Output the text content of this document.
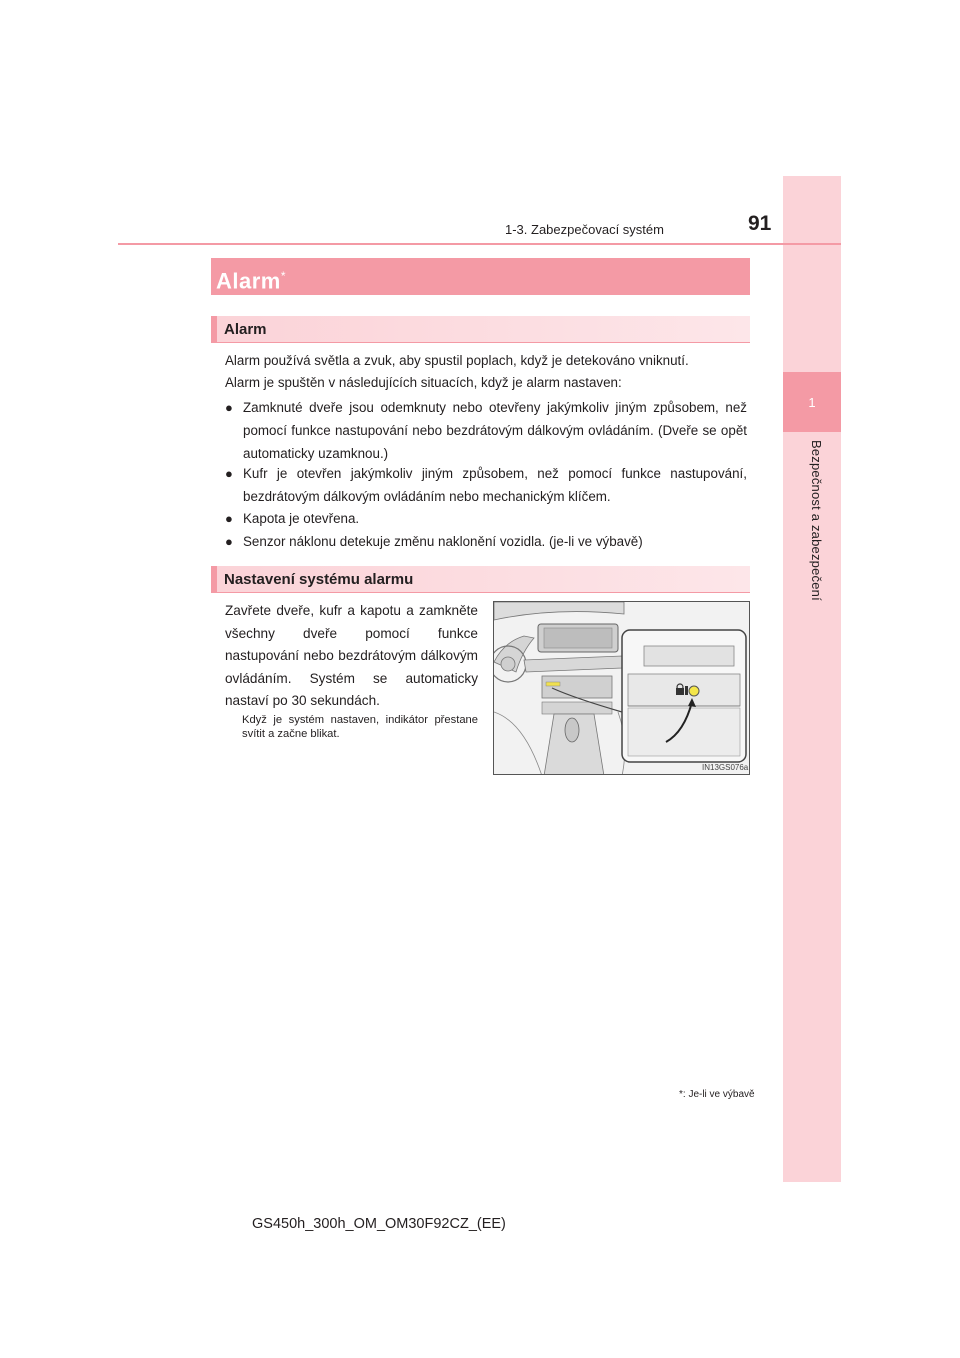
1
Bezpečnost a zabezpečení
1-3. Zabezpečovací systém	91
Alarm*
Alarm
Alarm používá světla a zvuk, aby spustil poplach, když je detekováno vniknutí.
Alarm je spuštěn v následujících situacích, když je alarm nastaven:
● Zamknuté dveře jsou odemknuty nebo otevřeny jakýmkoliv jiným způsobem, než pomocí funkce nastupování nebo bezdrátovým dálkovým ovládáním. (Dveře se opět automaticky uzamknou.)
● Kufr je otevřen jakýmkoliv jiným způsobem, než pomocí funkce nastupování, bezdrátovým dálkovým ovládáním nebo mechanickým klíčem.
● Kapota je otevřena.
● Senzor náklonu detekuje změnu naklonění vozidla. (je-li ve výbavě)
Nastavení systému alarmu
Zavřete dveře, kufr a kapotu a zamkněte všechny dveře pomocí funkce nastupování nebo bezdrátovým dálkovým ovládáním. Systém se automaticky nastaví po 30 sekundách.
Když je systém nastaven, indikátor přestane svítit a začne blikat.
IN13GS076a
*: Je-li ve výbavě
GS450h_300h_OM_OM30F92CZ_(EE)
